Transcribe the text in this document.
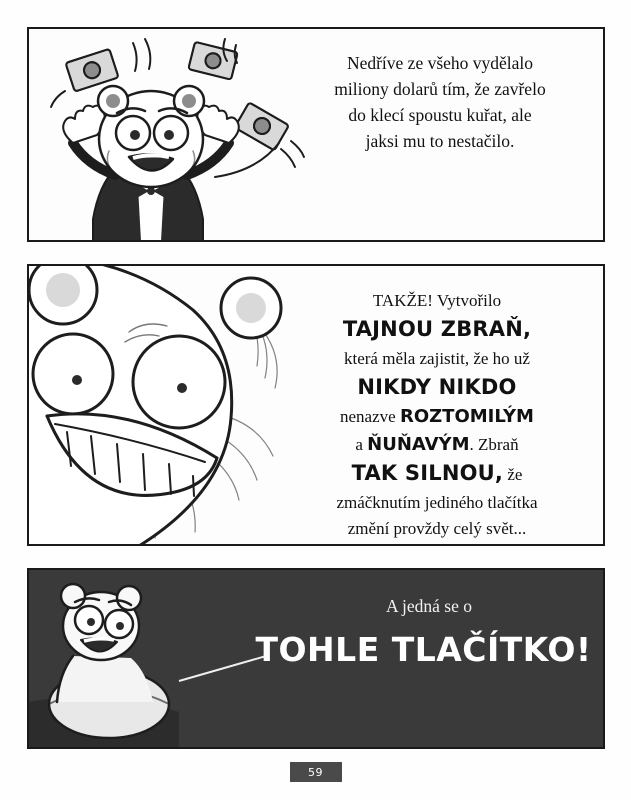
Nedříve ze všeho vydělalo
miliony dolarů tím, že zavřelo
do klecí spoustu kuřat, ale
jaksi mu to nestačilo.
TAKŽE! Vytvořilo
TAJNOU ZBRAŇ,
která měla zajistit, že ho už
NIKDY NIKDO
nenazve ROZTOMILÝM
a ŇUŇAVÝM. Zbraň
TAK SILNOU, že
zmáčknutím jediného tlačítka
změní provždy celý svět...
A jedná se o
TOHLE TLAČÍTKO!
59
